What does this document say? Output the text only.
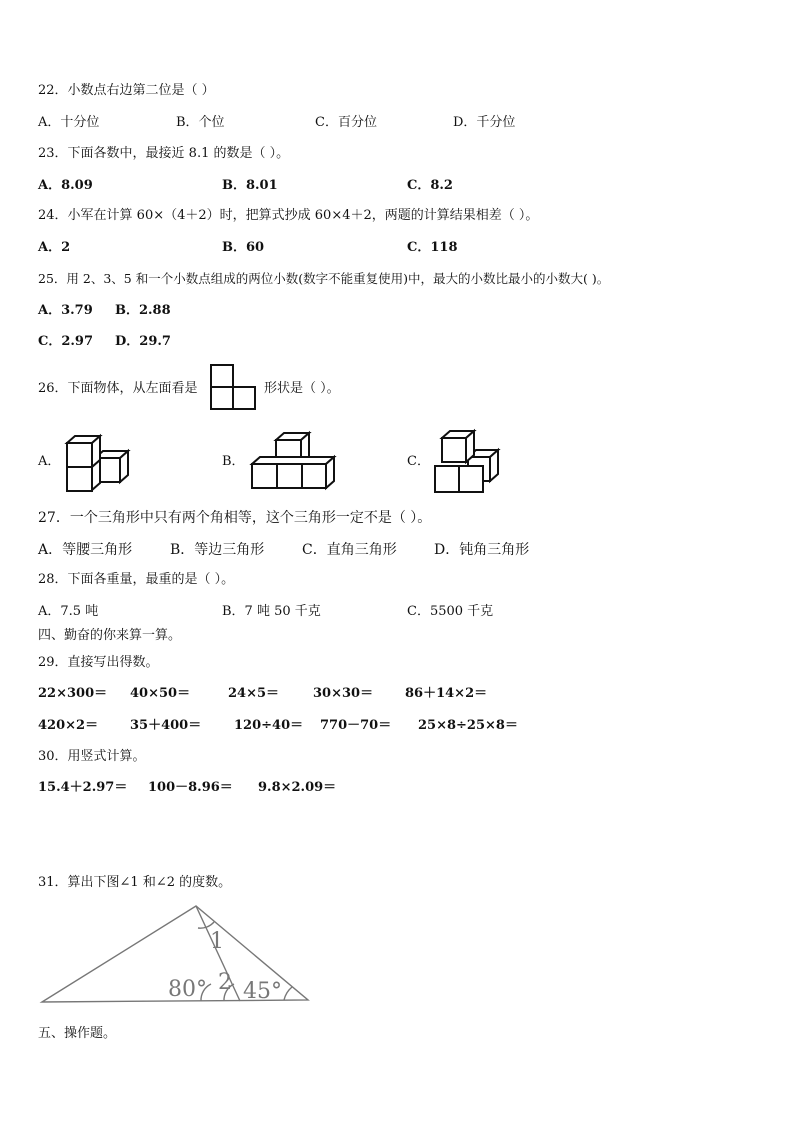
22．小数点右边第二位是（ ）
A．十分位	B．个位	C．百分位	D．千分位
23．下面各数中，最接近 8.1 的数是（ ）。
A．8.09	B．8.01	C．8.2
24．小军在计算 60×（4＋2）时，把算式抄成 60×4＋2，两题的计算结果相差（ ）。
A．2	B．60	C．118
25．用 2、3、5 和一个小数点组成的两位小数(数字不能重复使用)中，最大的小数比最小的小数大( )。
A．3.79 B．2.88
C．2.97 D．29.7
26．下面物体，从左面看是	形状是（ ）。
A．	B．	C．
27．一个三角形中只有两个角相等，这个三角形一定不是（ ）。
A．等腰三角形	B．等边三角形	C．直角三角形	D．钝角三角形
28．下面各重量，最重的是（ ）。
A．7.5 吨	B．7 吨 50 千克	C．5500 千克
四、勤奋的你来算一算。
29．直接写出得数。
22×300＝ 40×50＝	24×5＝	30×30＝ 86＋14×2＝
420×2＝ 35＋400＝	120÷40＝ 770－70＝ 25×8÷25×8＝
30．用竖式计算。
15.4＋2.97＝ 100－8.96＝ 9.8×2.09＝
31．算出下图∠1 和∠2 的度数。
1
2
80° 45°
五、操作题。
